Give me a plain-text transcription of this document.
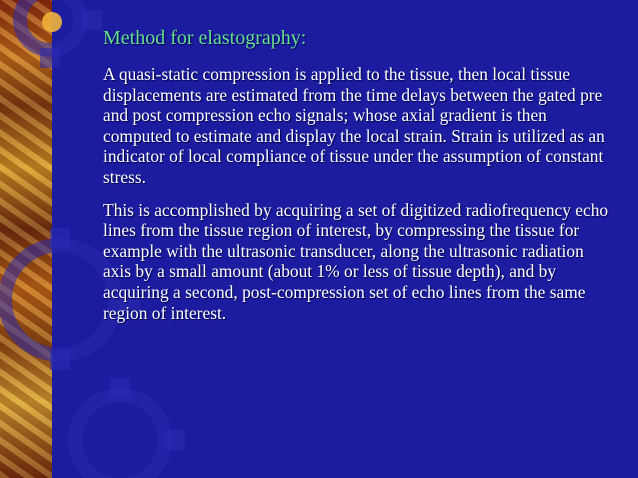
Method for elastography:

A quasi-static compression is applied to the tissue, then local tissue displacements are estimated from the time delays between the gated pre and post compression echo signals; whose axial gradient is then computed to estimate and display the local strain. Strain is utilized as an indicator of local compliance of tissue under the assumption of constant stress.

This is accomplished by acquiring a set of digitized radiofrequency echo lines from the tissue region of interest, by compressing the tissue for example with the ultrasonic transducer, along the ultrasonic radiation axis by a small amount (about 1% or less of tissue depth), and by acquiring a second, post-compression set of echo lines from the same region of interest.
